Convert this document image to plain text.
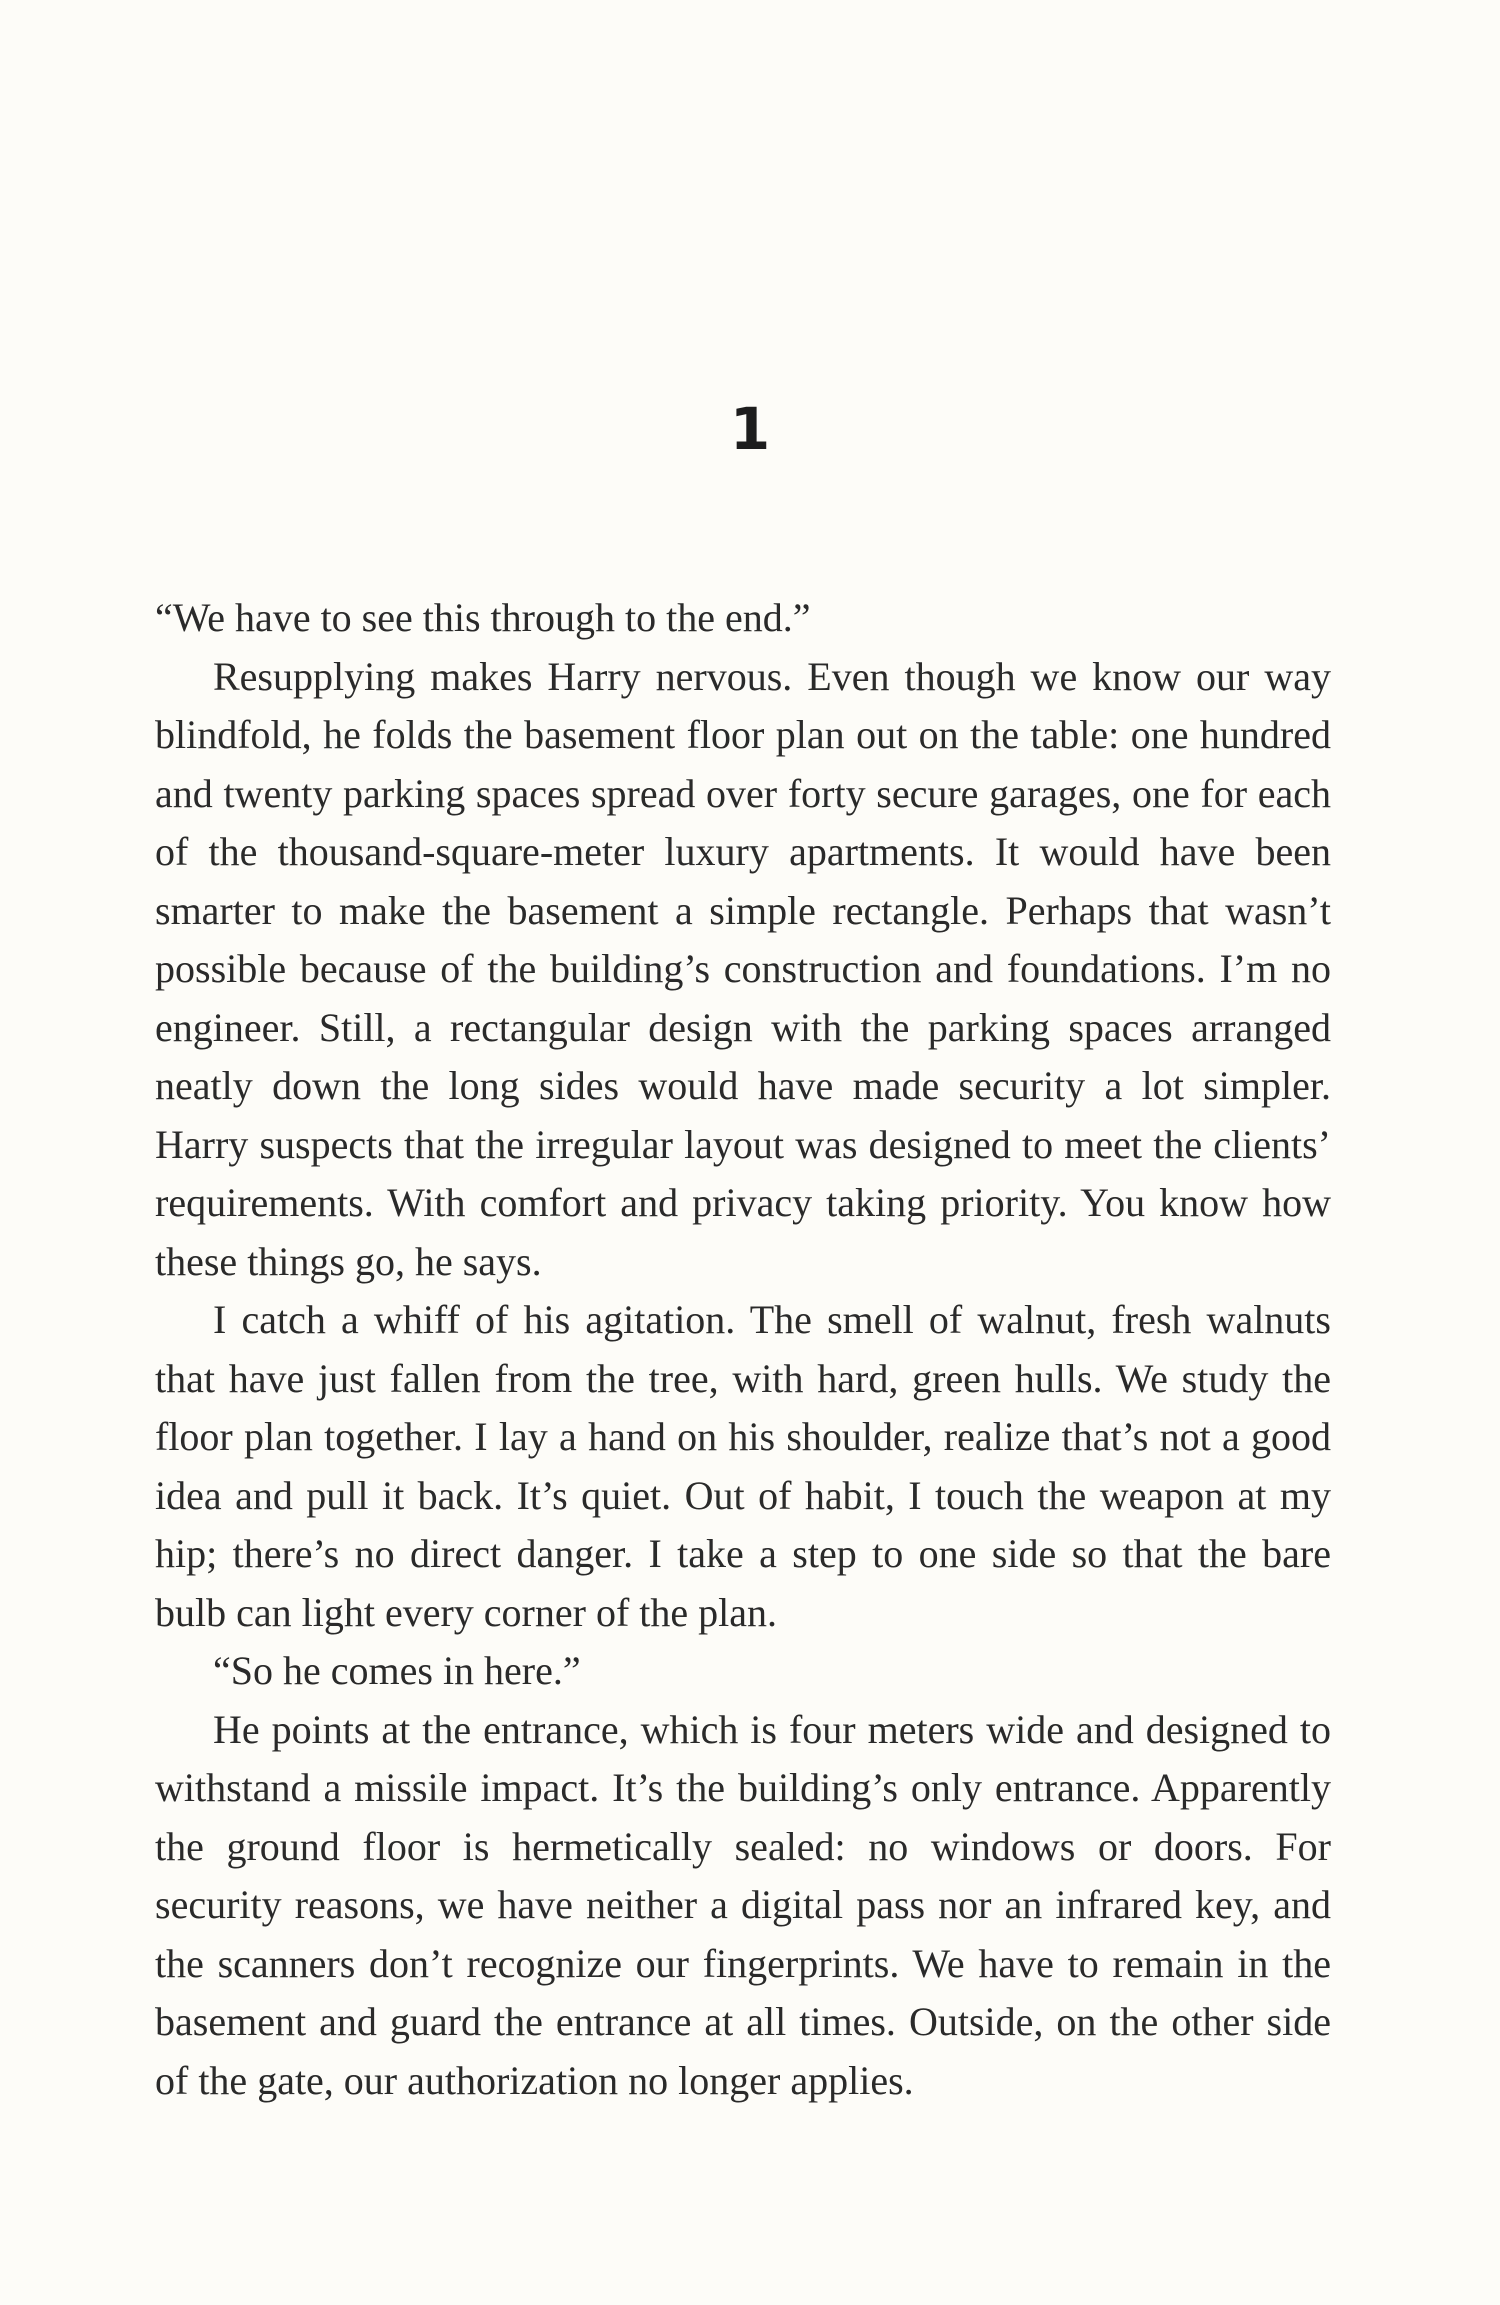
1

“We have to see this through to the end.”

Resupplying makes Harry nervous. Even though we know our way blindfold, he folds the basement floor plan out on the table: one hundred and twenty parking spaces spread over forty secure garages, one for each of the thousand-square-meter luxury apartments. It would have been smarter to make the basement a simple rectangle. Perhaps that wasn’t possible because of the building’s construction and foundations. I’m no engineer. Still, a rectangular design with the parking spaces arranged neatly down the long sides would have made security a lot simpler. Harry suspects that the irregular layout was designed to meet the clients’ requirements. With comfort and privacy taking priority. You know how these things go, he says.

I catch a whiff of his agitation. The smell of walnut, fresh walnuts that have just fallen from the tree, with hard, green hulls. We study the floor plan together. I lay a hand on his shoulder, realize that’s not a good idea and pull it back. It’s quiet. Out of habit, I touch the weapon at my hip; there’s no direct danger. I take a step to one side so that the bare bulb can light every corner of the plan.

“So he comes in here.”

He points at the entrance, which is four meters wide and designed to withstand a missile impact. It’s the building’s only entrance. Apparently the ground floor is hermetically sealed: no windows or doors. For security reasons, we have neither a digital pass nor an infrared key, and the scanners don’t recognize our fingerprints. We have to remain in the basement and guard the entrance at all times. Outside, on the other side of the gate, our authorization no longer applies.
